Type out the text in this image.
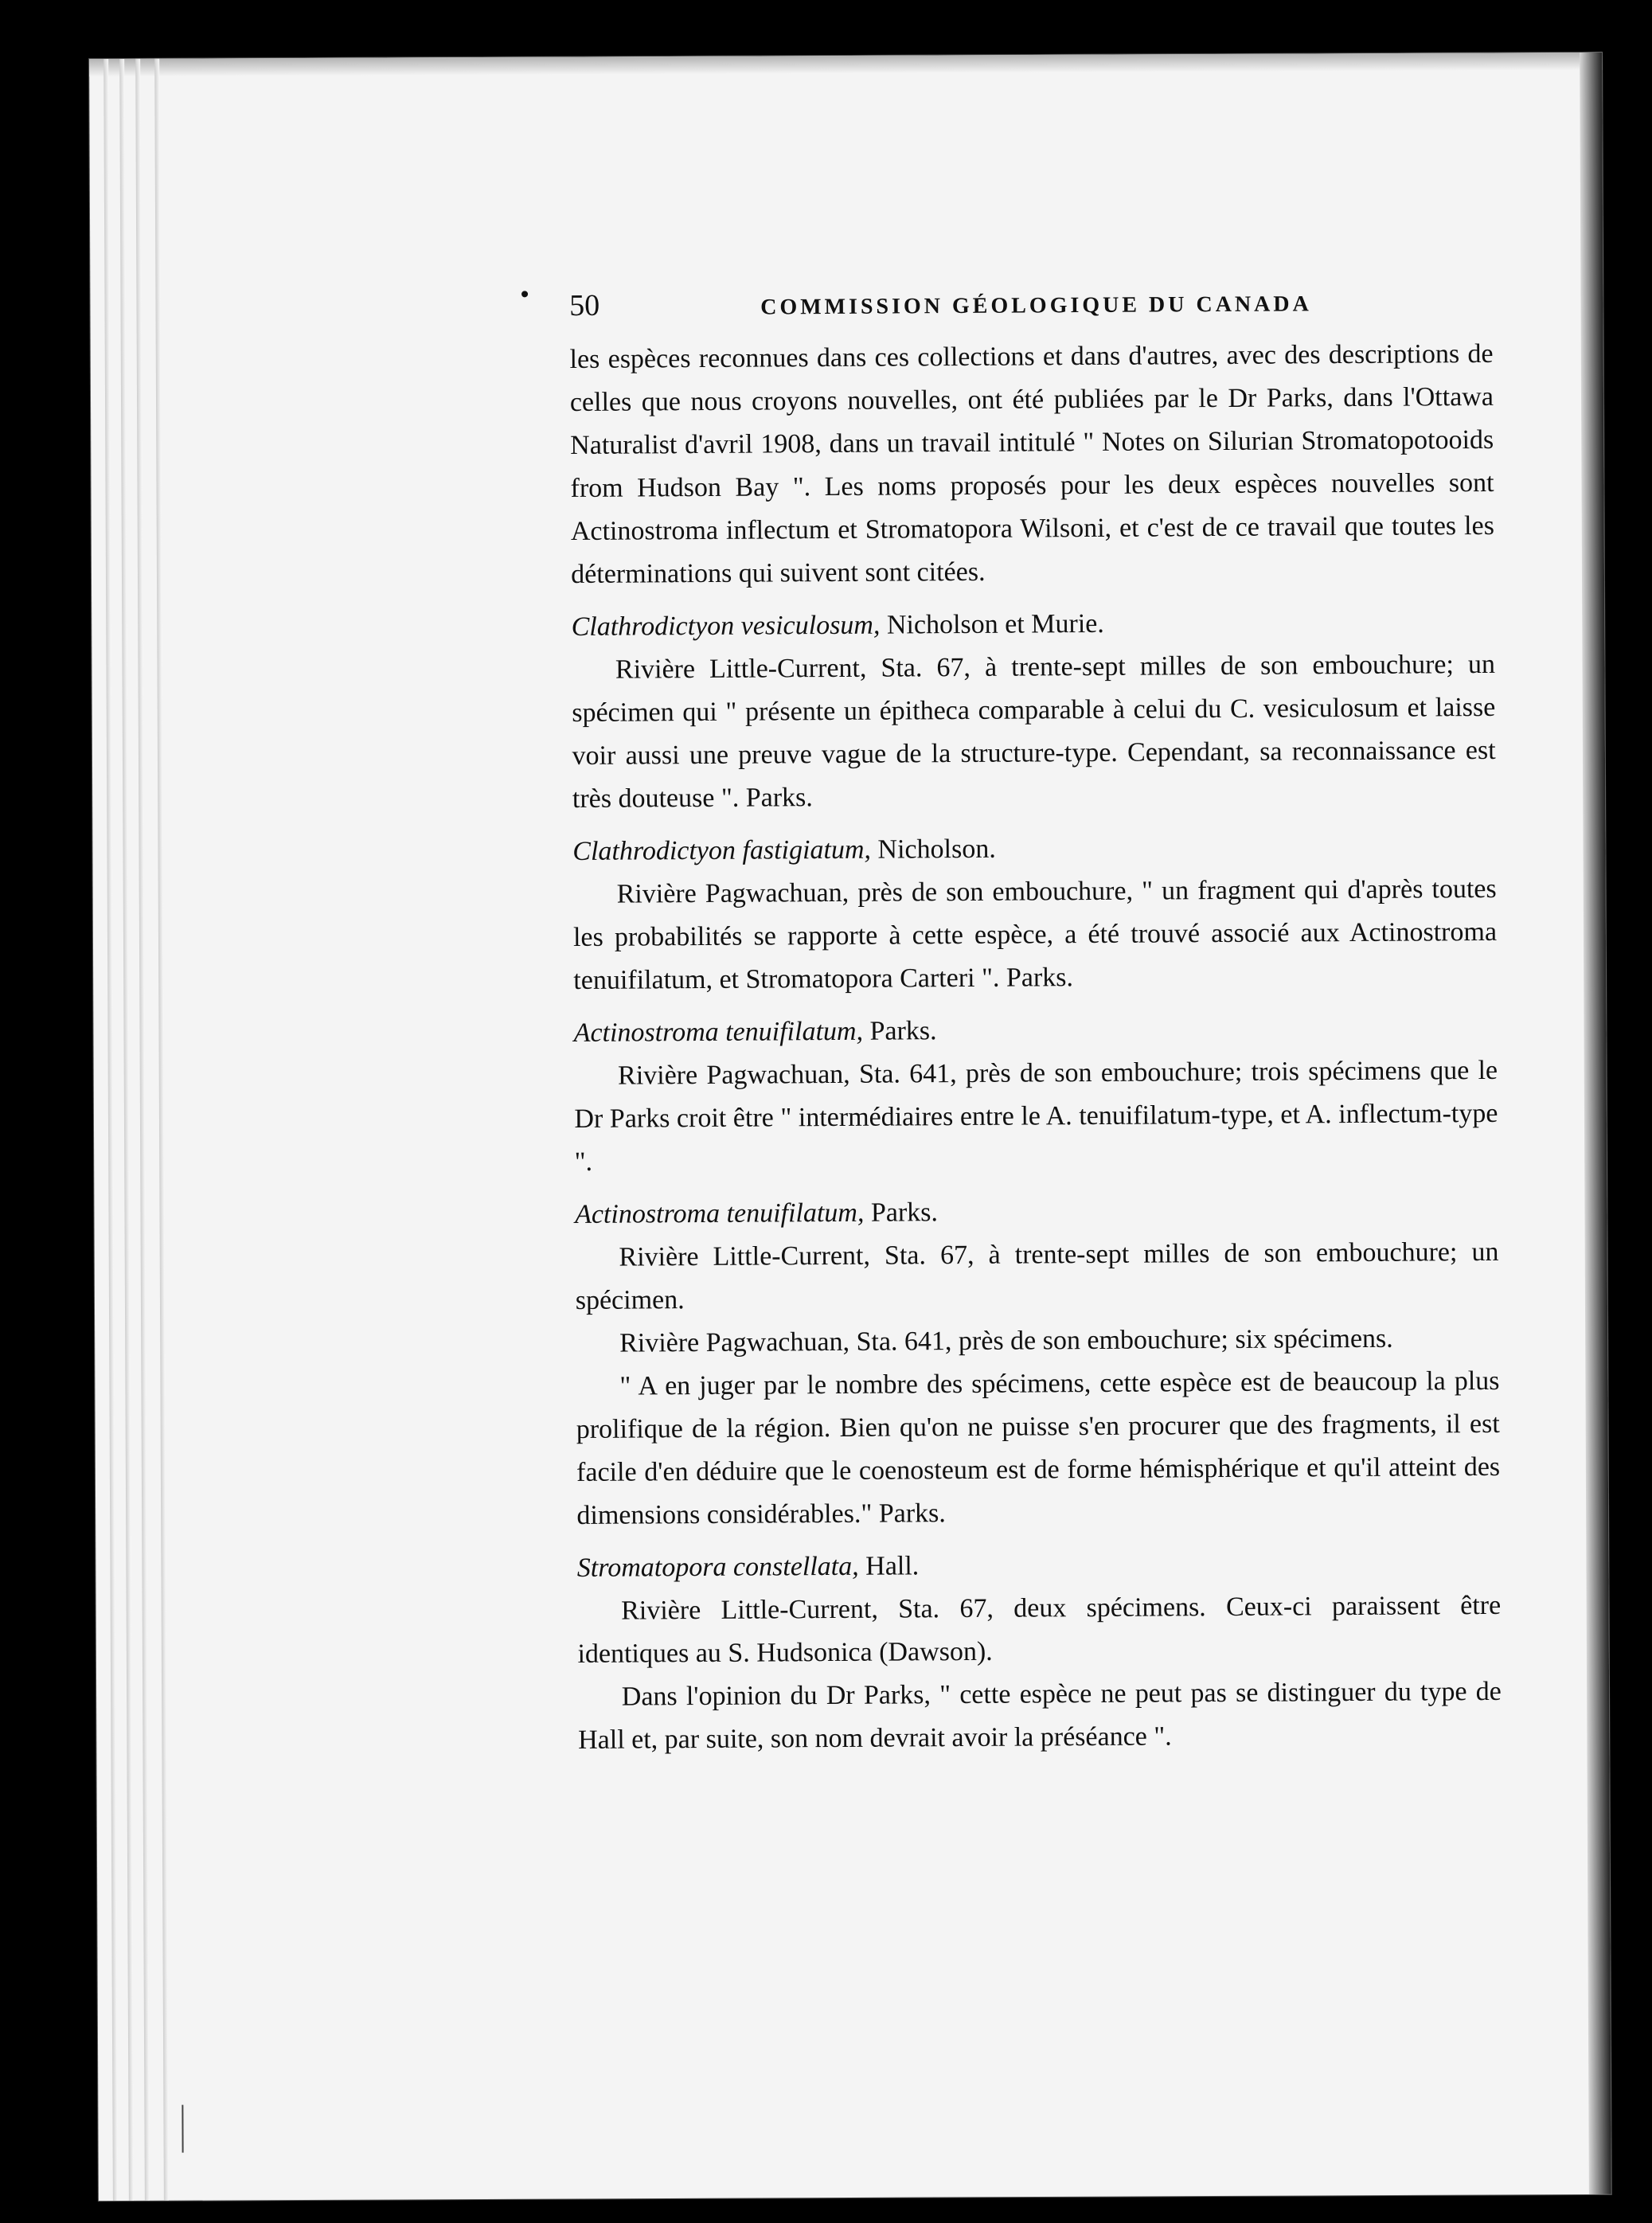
50	COMMISSION GÉOLOGIQUE DU CANADA

les espèces reconnues dans ces collections et dans d'autres, avec des descriptions de celles que nous croyons nouvelles, ont été publiées par le Dr Parks, dans l'Ottawa Naturalist d'avril 1908, dans un travail intitulé " Notes on Silurian Stromatopotooids from Hudson Bay ". Les noms proposés pour les deux espèces nouvelles sont Actinostroma inflectum et Stromatopora Wilsoni, et c'est de ce travail que toutes les déterminations qui suivent sont citées.

Clathrodictyon vesiculosum, Nicholson et Murie.

Rivière Little-Current, Sta. 67, à trente-sept milles de son embouchure; un spécimen qui " présente un épitheca comparable à celui du C. vesiculosum et laisse voir aussi une preuve vague de la structure-type. Cependant, sa reconnaissance est très douteuse ". Parks.

Clathrodictyon fastigiatum, Nicholson.

Rivière Pagwachuan, près de son embouchure, " un fragment qui d'après toutes les probabilités se rapporte à cette espèce, a été trouvé associé aux Actinostroma tenuifilatum, et Stromatopora Carteri ". Parks.

Actinostroma tenuifilatum, Parks.

Rivière Pagwachuan, Sta. 641, près de son embouchure; trois spécimens que le Dr Parks croit être " intermédiaires entre le A. tenuifilatum-type, et A. inflectum-type ".

Actinostroma tenuifilatum, Parks.

Rivière Little-Current, Sta. 67, à trente-sept milles de son embouchure; un spécimen.

Rivière Pagwachuan, Sta. 641, près de son embouchure; six spécimens.

" A en juger par le nombre des spécimens, cette espèce est de beaucoup la plus prolifique de la région. Bien qu'on ne puisse s'en procurer que des fragments, il est facile d'en déduire que le coenosteum est de forme hémisphérique et qu'il atteint des dimensions considérables." Parks.

Stromatopora constellata, Hall.

Rivière Little-Current, Sta. 67, deux spécimens. Ceux-ci paraissent être identiques au S. Hudsonica (Dawson).

Dans l'opinion du Dr Parks, " cette espèce ne peut pas se distinguer du type de Hall et, par suite, son nom devrait avoir la préséance ".
